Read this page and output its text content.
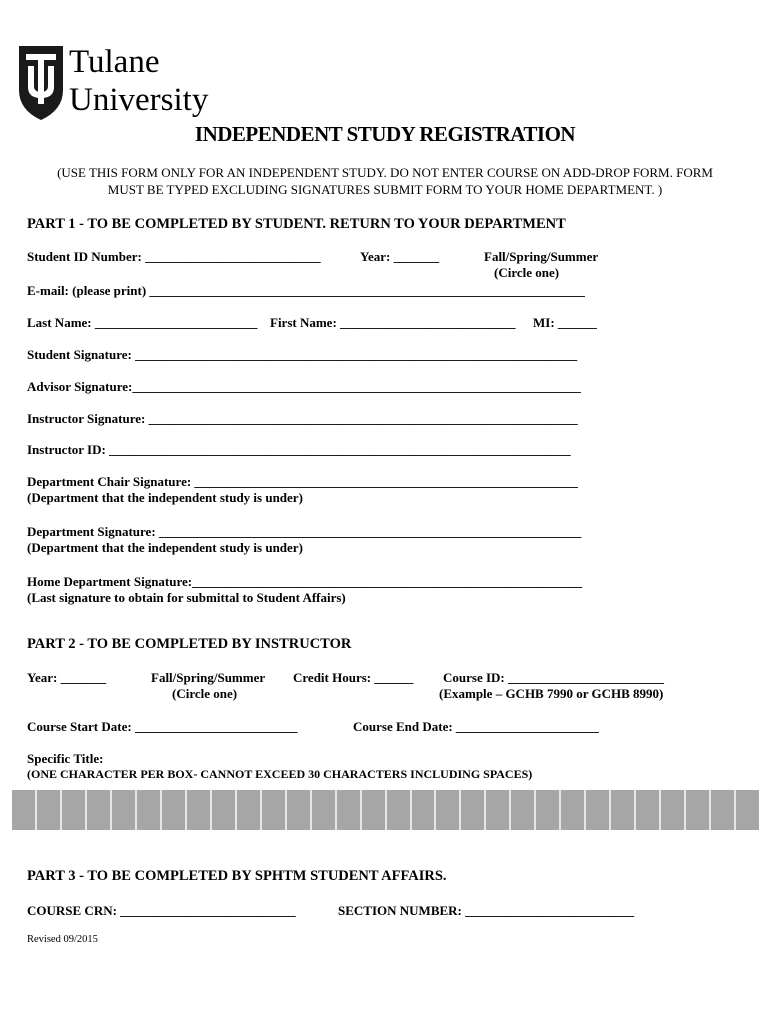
Tulane
University
INDEPENDENT STUDY REGISTRATION
(USE THIS FORM ONLY FOR AN INDEPENDENT STUDY. DO NOT ENTER COURSE ON ADD-DROP FORM. FORM
MUST BE TYPED EXCLUDING SIGNATURES SUBMIT FORM TO YOUR HOME DEPARTMENT. )
PART 1 - TO BE COMPLETED BY STUDENT. RETURN TO YOUR DEPARTMENT
Student ID Number: ___________________________	Year: _______	Fall/Spring/Summer
(Circle one)
E-mail: (please print) ___________________________________________________________________
Last Name: _________________________ First Name: ___________________________ MI: ______
Student Signature: ____________________________________________________________________
Advisor Signature:_____________________________________________________________________
Instructor Signature: __________________________________________________________________
Instructor ID: _______________________________________________________________________
Department Chair Signature: ___________________________________________________________
(Department that the independent study is under)
Department Signature: _________________________________________________________________
(Department that the independent study is under)
Home Department Signature:____________________________________________________________
(Last signature to obtain for submittal to Student Affairs)
PART 2 - TO BE COMPLETED BY INSTRUCTOR
Year: _______	Fall/Spring/Summer
(Circle one)
Credit Hours: ______ Course ID: ________________________
(Example – GCHB 7990 or GCHB 8990)
Course Start Date: _________________________	Course End Date: ______________________
Specific Title:
(ONE CHARACTER PER BOX- CANNOT EXCEED 30 CHARACTERS INCLUDING SPACES)
PART 3 - TO BE COMPLETED BY SPHTM STUDENT AFFAIRS.
COURSE CRN: ___________________________	SECTION NUMBER: __________________________
Revised 09/2015
